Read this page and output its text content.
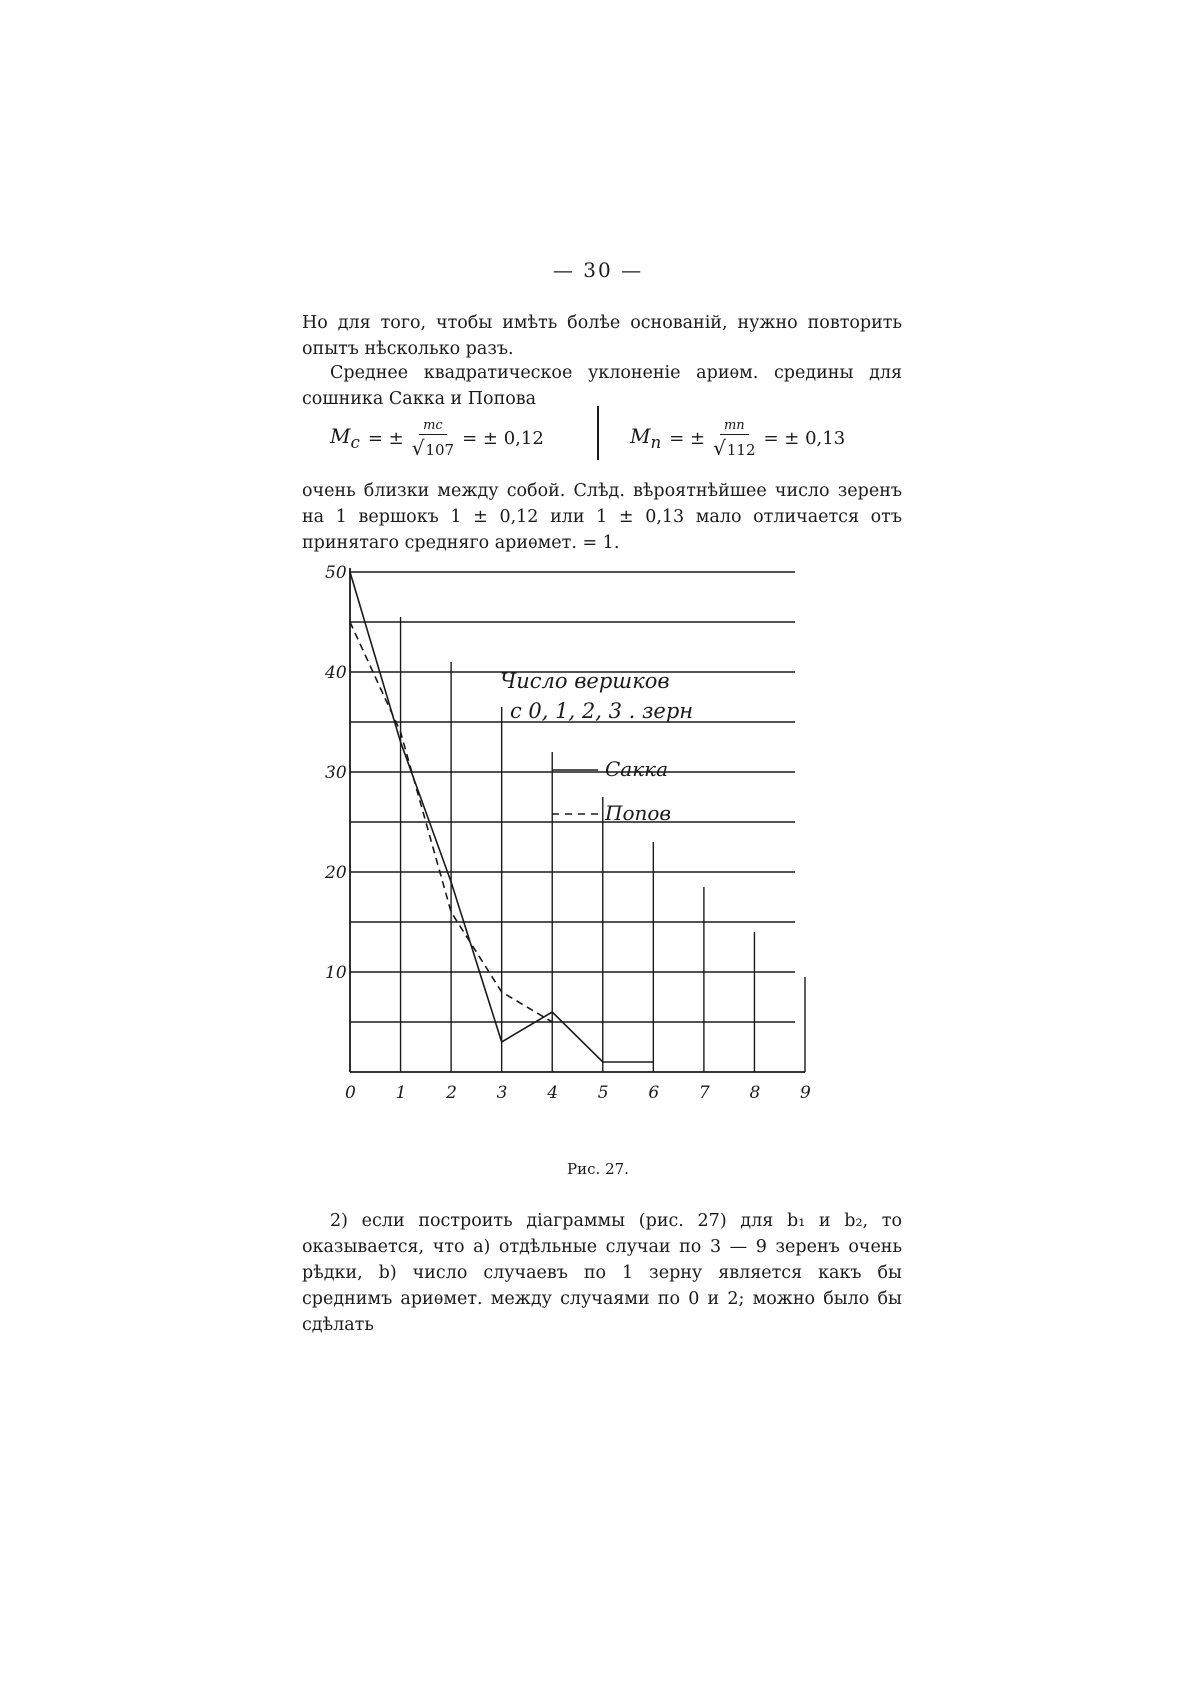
— 30 —

Но для того, чтобы имѣть болѣе основаній, нужно повторить опытъ нѣсколько разъ.

Среднее квадратическое уклоненіе ариѳм. средины для сошника Сакка и Попова

$M_c$ = ± mc
√ 107 = ± 0,12	$M_n$ = ± mn
√ 112 = ± 0,13

очень близки между собой. Слѣд. вѣроятнѣйшее число зеренъ на 1 вершокъ 1 ± 0,12 или 1 ± 0,13 мало отличается отъ принятаго средняго ариѳмет. = 1.

50
40
30
20
10
0 1 2 3 4 5 6 7 8 9
Число вершков
с 0, 1, 2, 3 . зерн
Сакка
Попов
Рис. 27.

2) если построить діаграммы (рис. 27) для b₁ и b₂, то оказывается, что а) отдѣльные случаи по 3 — 9 зеренъ очень рѣдки, b) число случаевъ по 1 зерну является какъ бы среднимъ ариѳмет. между случаями по 0 и 2; можно было бы сдѣлать
